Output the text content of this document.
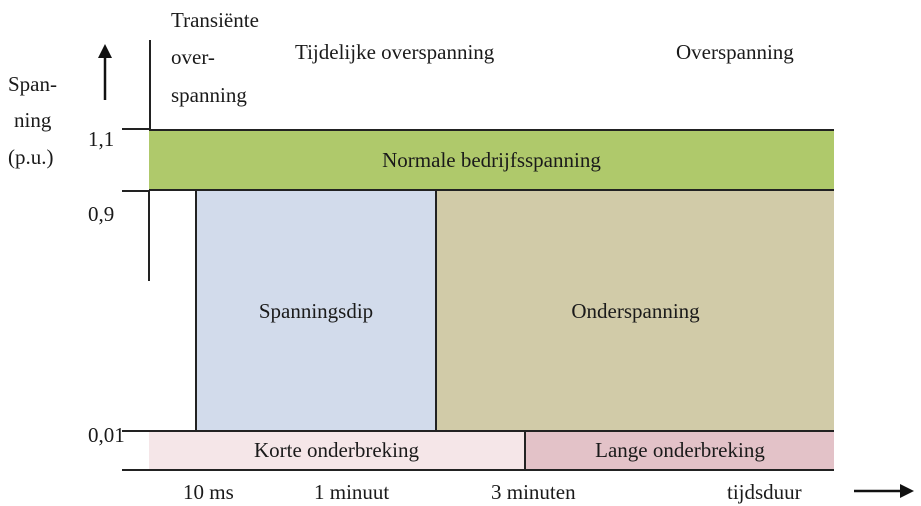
Transiënte
over-
spanning
Tijdelijke overspanning	Overspanning
Span-
ning
(p.u.)
1,1
0,9
0,01
Normale bedrijfsspanning
Spanningsdip	Onderspanning
Korte onderbreking	Lange onderbreking
10 ms	1 minuut	3 minuten	tijdsduur
